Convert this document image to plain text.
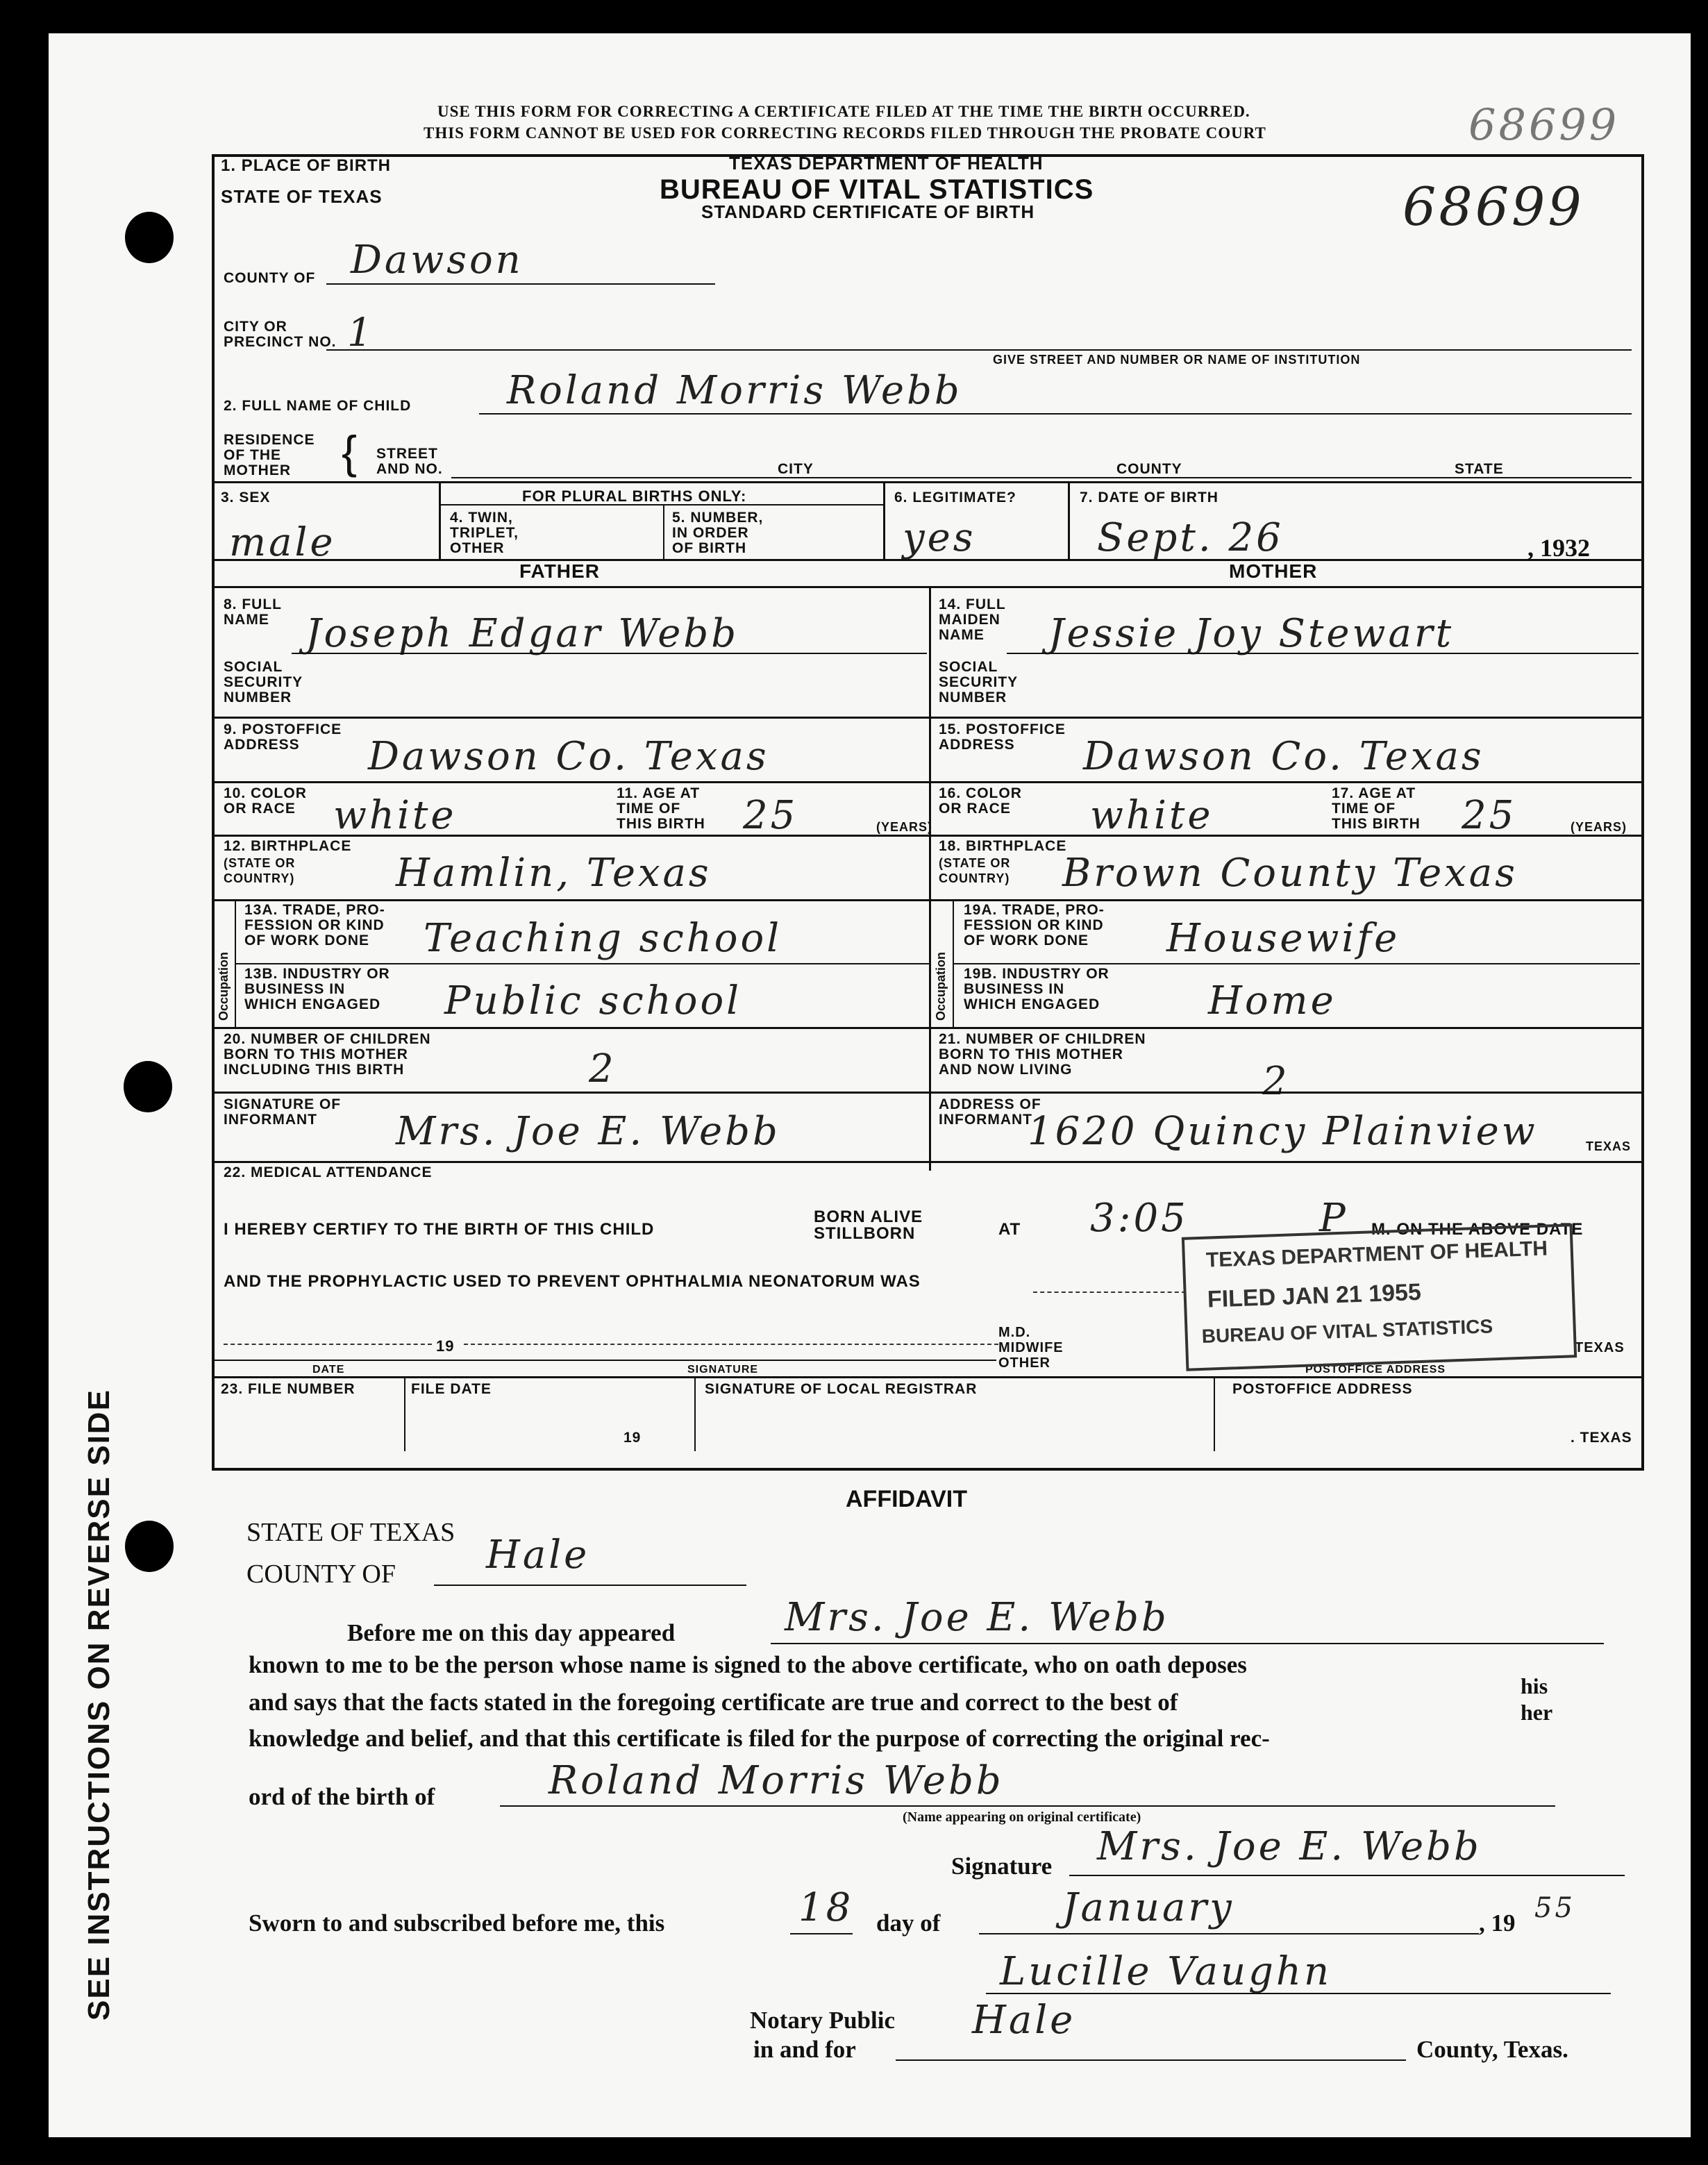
SEE INSTRUCTIONS ON REVERSE SIDE
USE THIS FORM FOR CORRECTING A CERTIFICATE FILED AT THE TIME THE BIRTH OCCURRED.
THIS FORM CANNOT BE USED FOR CORRECTING RECORDS FILED THROUGH THE PROBATE COURT	68699
TEXAS DEPARTMENT OF HEALTH
BUREAU OF VITAL STATISTICS
STANDARD CERTIFICATE OF BIRTH	68699
1. PLACE OF BIRTH
STATE OF TEXAS
COUNTY OF Dawson
CITY OR
PRECINCT NO. 1
GIVE STREET AND NUMBER OR NAME OF INSTITUTION
2. FULL NAME OF CHILD Roland Morris Webb
RESIDENCE
OF THE
MOTHER { STREET
AND NO.	CITY	COUNTY	STATE
3. SEX
male
FOR PLURAL BIRTHS ONLY:
4. TWIN,
TRIPLET,
OTHER
5. NUMBER,
IN ORDER
OF BIRTH
6. LEGITIMATE?
yes
7. DATE OF BIRTH
Sept. 26	, 1932
FATHER	MOTHER
8. FULL
NAME Joseph Edgar Webb
SOCIAL
SECURITY
NUMBER
9. POSTOFFICE
ADDRESS Dawson Co. Texas
10. COLOR
OR RACE white	11. AGE AT
TIME OF
THIS BIRTH 25	(YEARS)
12. BIRTHPLACE
(STATE OR
COUNTRY)	Hamlin, Texas
Occupation
13A. TRADE, PRO-
FESSION OR KIND
OF WORK DONE Teaching school
13B. INDUSTRY OR
BUSINESS IN
WHICH ENGAGED Public school
20. NUMBER OF CHILDREN
BORN TO THIS MOTHER
INCLUDING THIS BIRTH	2
SIGNATURE OF
INFORMANT Mrs. Joe E. Webb
14. FULL
MAIDEN
NAME Jessie Joy Stewart
SOCIAL
SECURITY
NUMBER
15. POSTOFFICE
ADDRESS Dawson Co. Texas
16. COLOR
OR RACE white	17. AGE AT
TIME OF
THIS BIRTH 25	(YEARS)
18. BIRTHPLACE
(STATE OR
COUNTRY) Brown County Texas
Occupation
19A. TRADE, PRO-
FESSION OR KIND
OF WORK DONE Housewife
19B. INDUSTRY OR
BUSINESS IN
WHICH ENGAGED	Home
21. NUMBER OF CHILDREN
BORN TO THIS MOTHER
AND NOW LIVING	2
ADDRESS OF
INFORMANT
1620 Quincy Plainview	TEXAS
22. MEDICAL ATTENDANCE
I HEREBY CERTIFY TO THE BIRTH OF THIS CHILD
BORN ALIVE
STILLBORN	AT 3:05	P M. ON THE ABOVE DATE
AND THE PROPHYLACTIC USED TO PREVENT OPHTHALMIA NEONATORUM WAS
19
M.D.
MIDWIFE
OTHER
TEXAS
DATE	SIGNATURE	POSTOFFICE ADDRESS
TEXAS DEPARTMENT OF HEALTH
FILED JAN 21 1955
BUREAU OF VITAL STATISTICS
23. FILE NUMBER	FILE DATE
19
SIGNATURE OF LOCAL REGISTRAR	POSTOFFICE ADDRESS
. TEXAS
AFFIDAVIT
STATE OF TEXAS
COUNTY OF Hale
Before me on this day appeared	Mrs. Joe E. Webb
known to me to be the person whose name is signed to the above certificate, who on oath deposes
and says that the facts stated in the foregoing certificate are true and correct to the best of
his
her
knowledge and belief, and that this certificate is filed for the purpose of correcting the original rec-
ord of the birth of	Roland Morris Webb
(Name appearing on original certificate)
Signature Mrs. Joe E. Webb
Sworn to and subscribed before me, this	18 day of	January	, 19 55
Lucille Vaughn
Notary Public
in and for
Hale
County, Texas.
